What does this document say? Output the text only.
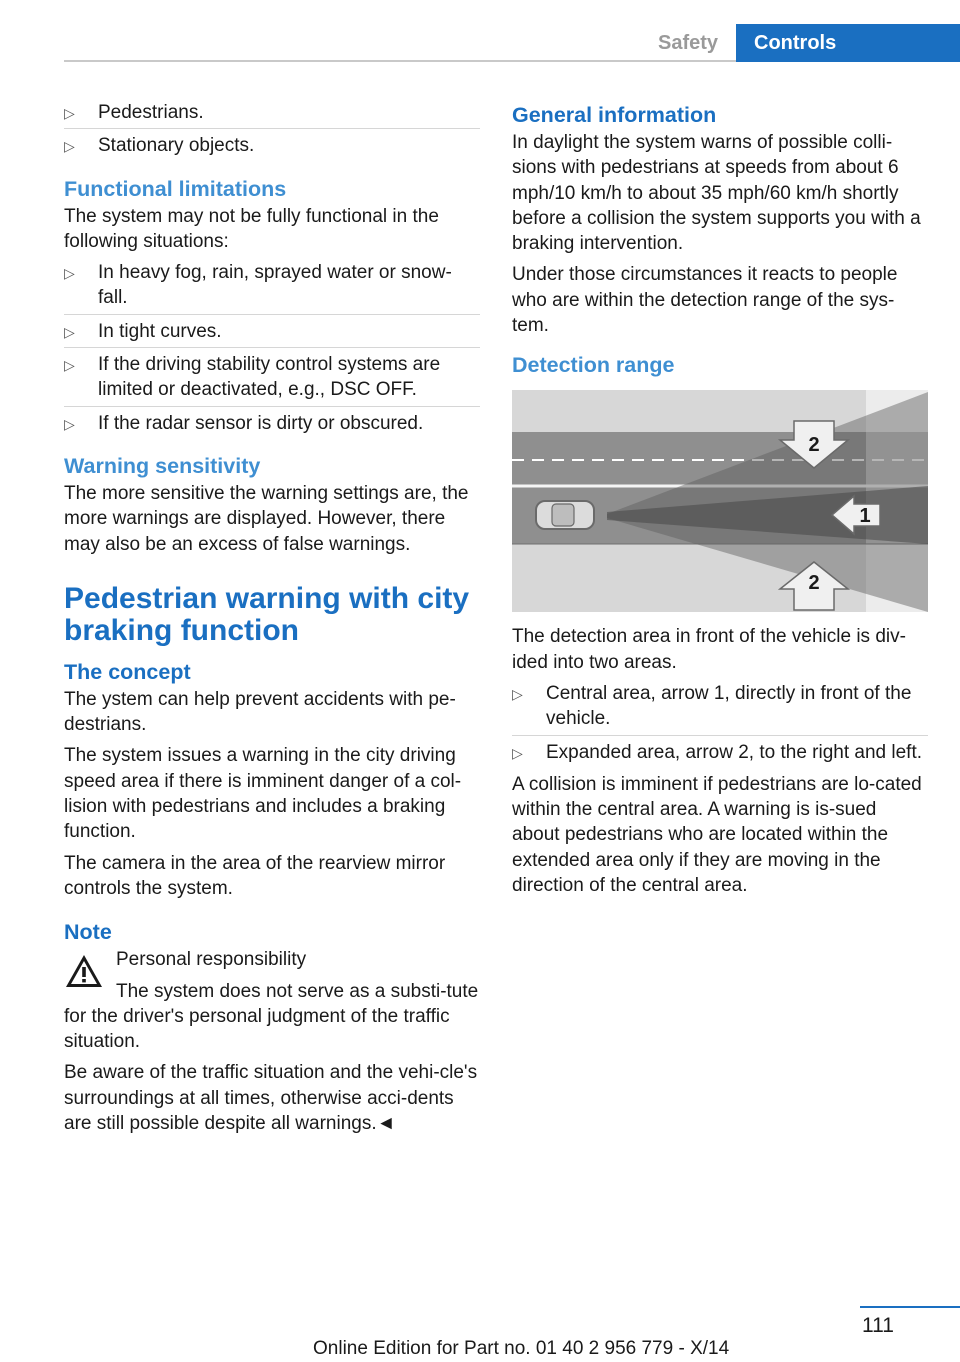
Safety	Controls
▷ Pedestrians.
▷ Stationary objects.
Functional limitations

The system may not be fully functional in the following situations:

▷ In heavy fog, rain, sprayed water or snow-fall.
▷ In tight curves.
▷ If the driving stability control systems are limited or deactivated, e.g., DSC OFF.
▷ If the radar sensor is dirty or obscured.
Warning sensitivity

The more sensitive the warning settings are, the more warnings are displayed. However, there may also be an excess of false warnings.

Pedestrian warning with city braking function
The concept

The ystem can help prevent accidents with pe-destrians.

The system issues a warning in the city driving speed area if there is imminent danger of a col-lision with pedestrians and includes a braking function.

The camera in the area of the rearview mirror controls the system.

Note

Personal responsibility

The system does not serve as a substi-tute for the driver's personal judgment of the traffic situation.

Be aware of the traffic situation and the vehi-cle's surroundings at all times, otherwise acci-dents are still possible despite all warnings.◄

General information

In daylight the system warns of possible colli-sions with pedestrians at speeds from about 6 mph/10 km/h to about 35 mph/60 km/h shortly before a collision the system supports you with a braking intervention.

Under those circumstances it reacts to people who are within the detection range of the sys-tem.

Detection range
2
1
2

The detection area in front of the vehicle is div-ided into two areas.

▷ Central area, arrow 1, directly in front of the vehicle.
▷ Expanded area, arrow 2, to the right and left.

A collision is imminent if pedestrians are lo-cated within the central area. A warning is is-sued about pedestrians who are located within the extended area only if they are moving in the direction of the central area.

111
Online Edition for Part no. 01 40 2 956 779 - X/14
